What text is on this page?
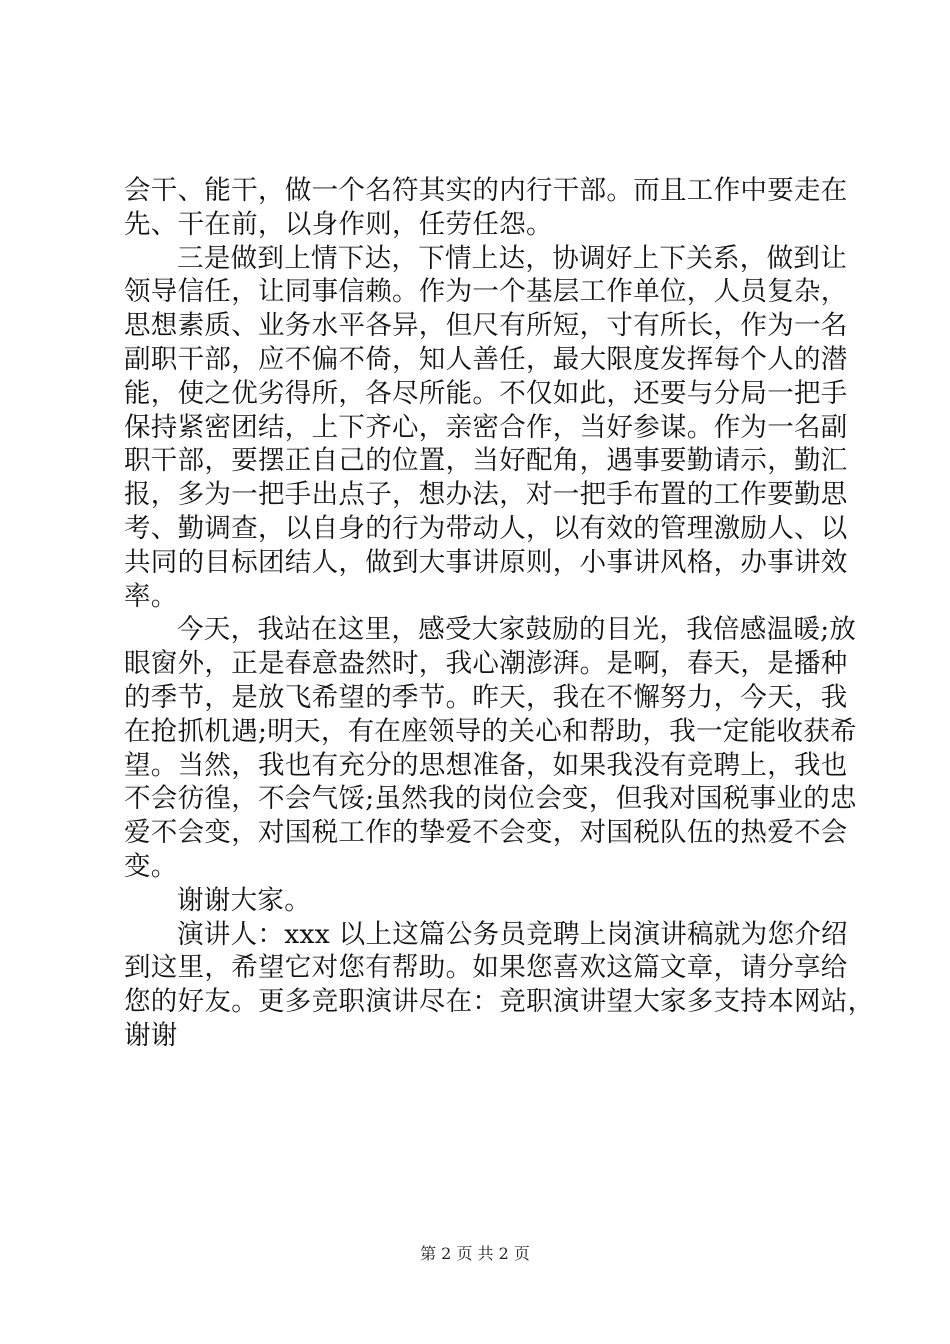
会干、能干，做一个名符其实的内行干部。而且工作中要走在
先、干在前，以身作则，任劳任怨。
三是做到上情下达，下情上达，协调好上下关系，做到让
领导信任，让同事信赖。作为一个基层工作单位，人员复杂，
思想素质、业务水平各异，但尺有所短，寸有所长，作为一名
副职干部，应不偏不倚，知人善任，最大限度发挥每个人的潜
能，使之优劣得所，各尽所能。不仅如此，还要与分局一把手
保持紧密团结，上下齐心，亲密合作，当好参谋。作为一名副
职干部，要摆正自己的位置，当好配角，遇事要勤请示，勤汇
报，多为一把手出点子，想办法，对一把手布置的工作要勤思
考、勤调查，以自身的行为带动人，以有效的管理激励人、以
共同的目标团结人，做到大事讲原则，小事讲风格，办事讲效
率。
今天，我站在这里，感受大家鼓励的目光，我倍感温暖;放
眼窗外，正是春意盎然时，我心潮澎湃。是啊，春天，是播种
的季节，是放飞希望的季节。昨天，我在不懈努力，今天，我
在抢抓机遇;明天，有在座领导的关心和帮助，我一定能收获希
望。当然，我也有充分的思想准备，如果我没有竞聘上，我也
不会彷徨，不会气馁;虽然我的岗位会变，但我对国税事业的忠
爱不会变，对国税工作的挚爱不会变，对国税队伍的热爱不会
变。
谢谢大家。
演讲人：xxx 以上这篇公务员竞聘上岗演讲稿就为您介绍
到这里，希望它对您有帮助。如果您喜欢这篇文章，请分享给
您的好友。更多竞职演讲尽在：竞职演讲望大家多支持本网站，
谢谢
第 2 页 共 2 页
